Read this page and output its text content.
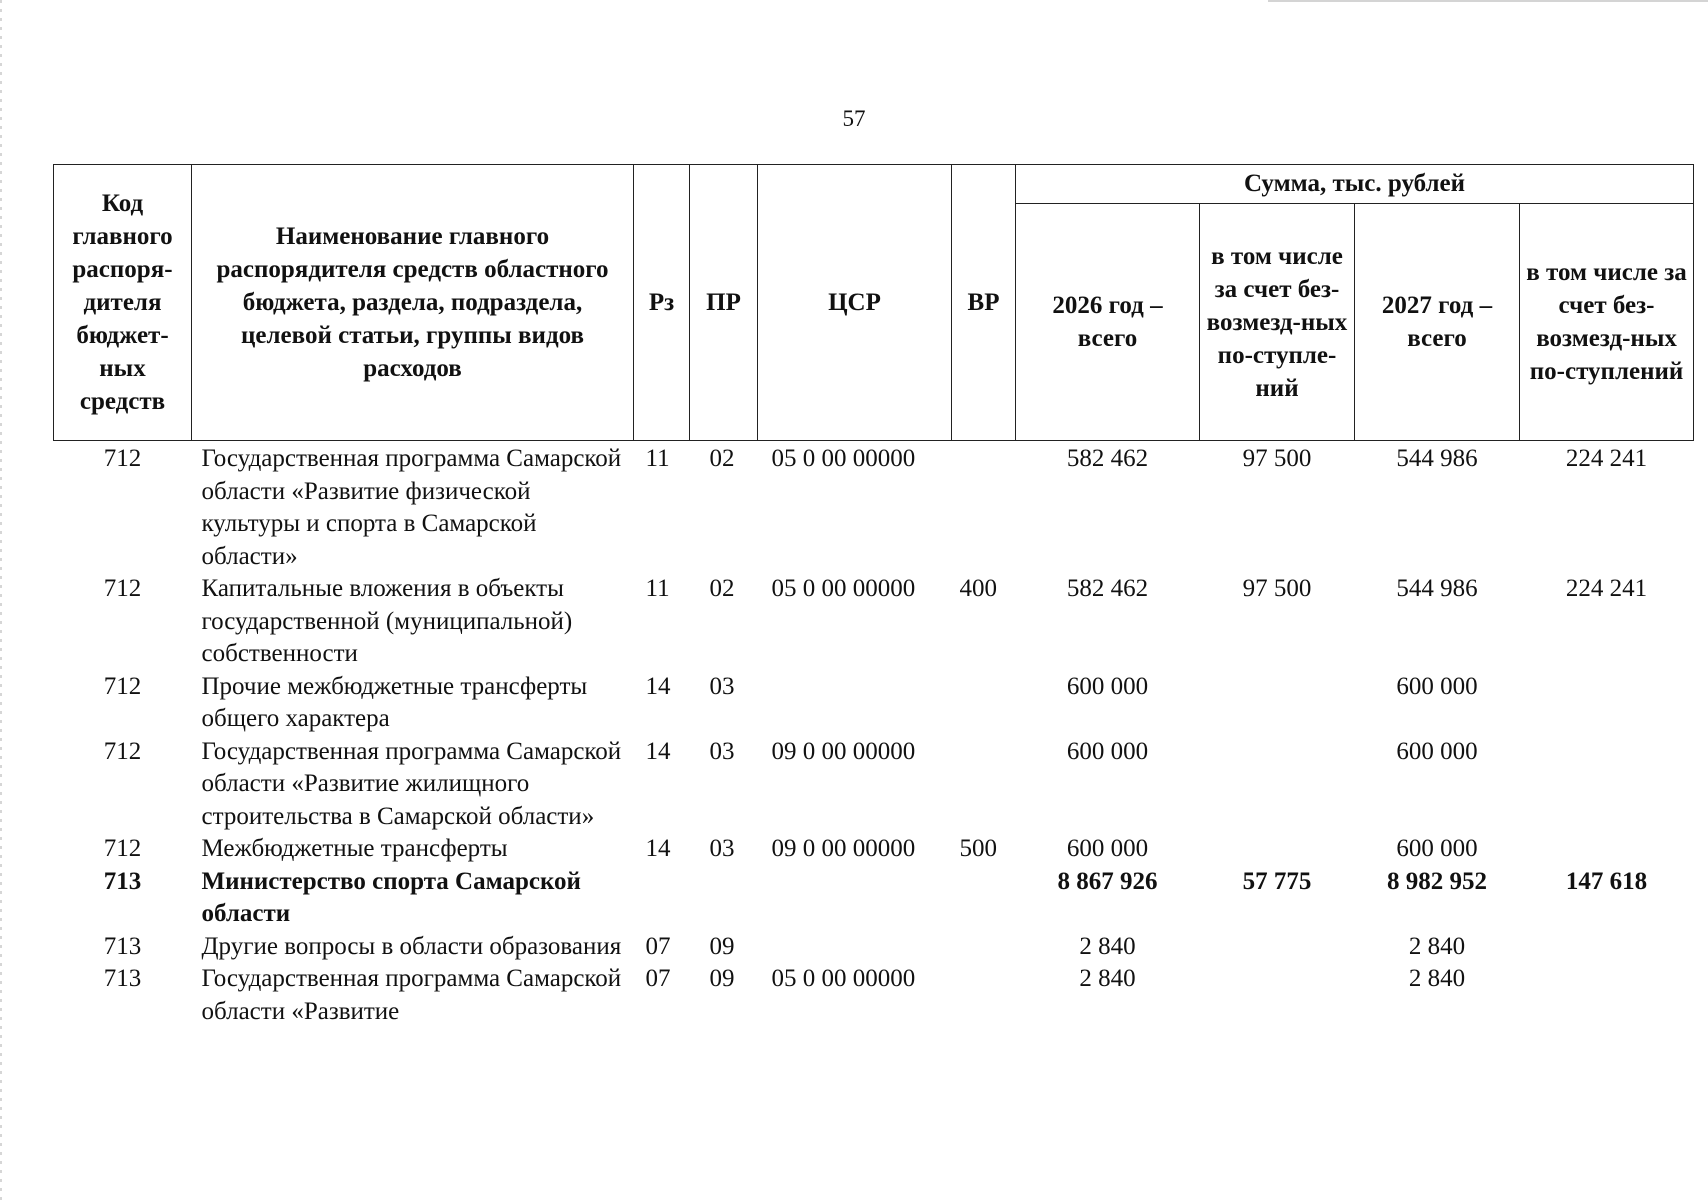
57
Код главного распоря-дителя бюджет-ных средств	Наименование главного распорядителя средств областного бюджета, раздела, подраздела, целевой статьи, группы видов расходов	Рз	ПР	ЦСР	ВР	Сумма, тыс. рублей			
						2026 год – всего	в том числе за счет без-возмезд-ных по-ступле-ний	2027 год – всего	в том числе за счет без-возмезд-ных по-ступлений
712	Государственная программа Самарской области «Развитие физической культуры и спорта в Самарской области»	11	02	05 0 00 00000		582 462	97 500	544 986	224 241
712	Капитальные вложения в объекты государственной (муниципальной) собственности	11	02	05 0 00 00000	400	582 462	97 500	544 986	224 241
712	Прочие межбюджетные трансферты общего характера	14	03			600 000		600 000	
712	Государственная программа Самарской области «Развитие жилищного строительства в Самарской области»	14	03	09 0 00 00000		600 000		600 000	
712	Межбюджетные трансферты	14	03	09 0 00 00000	500	600 000		600 000	
713	Министерство спорта Самарской области					8 867 926	57 775	8 982 952	147 618
713	Другие вопросы в области образования	07	09			2 840		2 840	
713	Государственная программа Самарской области «Развитие	07	09	05 0 00 00000		2 840		2 840	
